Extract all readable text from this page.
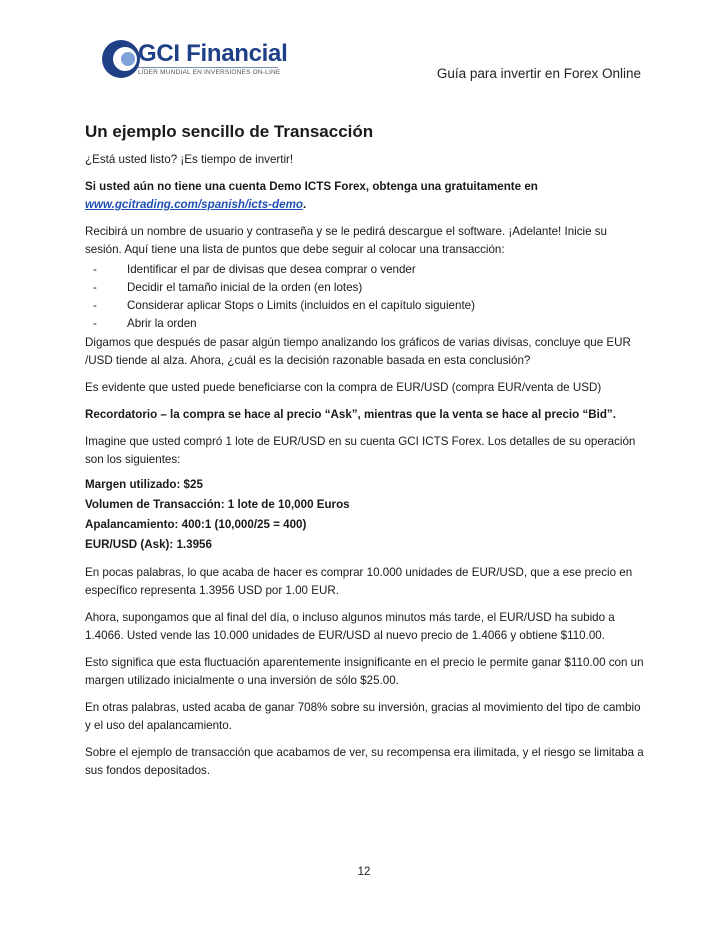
GCI Financial
LÍDER MUNDIAL EN INVERSIONES ON-LINE	Guía para invertir en Forex Online
Un ejemplo sencillo de Transacción

¿Está usted listo? ¡Es tiempo de invertir!

Si usted aún no tiene una cuenta Demo ICTS Forex, obtenga una gratuitamente en www.gcitrading.com/spanish/icts-demo.

Recibirá un nombre de usuario y contraseña y se le pedirá descargue el software. ¡Adelante! Inicie su sesión. Aquí tiene una lista de puntos que debe seguir al colocar una transacción:

-	Identificar el par de divisas que desea comprar o vender
-	Decidir el tamaño inicial de la orden (en lotes)
-	Considerar aplicar Stops o Limits (incluidos en el capítulo siguiente)
-	Abrir la orden

Digamos que después de pasar algún tiempo analizando los gráficos de varias divisas, concluye que EUR /USD tiende al alza. Ahora, ¿cuál es la decisión razonable basada en esta conclusión?

Es evidente que usted puede beneficiarse con la compra de EUR/USD (compra EUR/venta de USD)

Recordatorio – la compra se hace al precio “Ask”, mientras que la venta se hace al precio “Bid”.

Imagine que usted compró 1 lote de EUR/USD en su cuenta GCI ICTS Forex. Los detalles de su operación son los siguientes:

Margen utilizado: $25
Volumen de Transacción: 1 lote de 10,000 Euros
Apalancamiento: 400:1 (10,000/25 = 400)
EUR/USD (Ask): 1.3956

En pocas palabras, lo que acaba de hacer es comprar 10.000 unidades de EUR/USD, que a ese precio en específico representa 1.3956 USD por 1.00 EUR.

Ahora, supongamos que al final del día, o incluso algunos minutos más tarde, el EUR/USD ha subido a 1.4066. Usted vende las 10.000 unidades de EUR/USD al nuevo precio de 1.4066 y obtiene $110.00.

Esto significa que esta fluctuación aparentemente insignificante en el precio le permite ganar $110.00 con un margen utilizado inicialmente o una inversión de sólo $25.00.

En otras palabras, usted acaba de ganar 708% sobre su inversión, gracias al movimiento del tipo de cambio y el uso del apalancamiento.

Sobre el ejemplo de transacción que acabamos de ver, su recompensa era ilimitada, y el riesgo se limitaba a sus fondos depositados.

12
